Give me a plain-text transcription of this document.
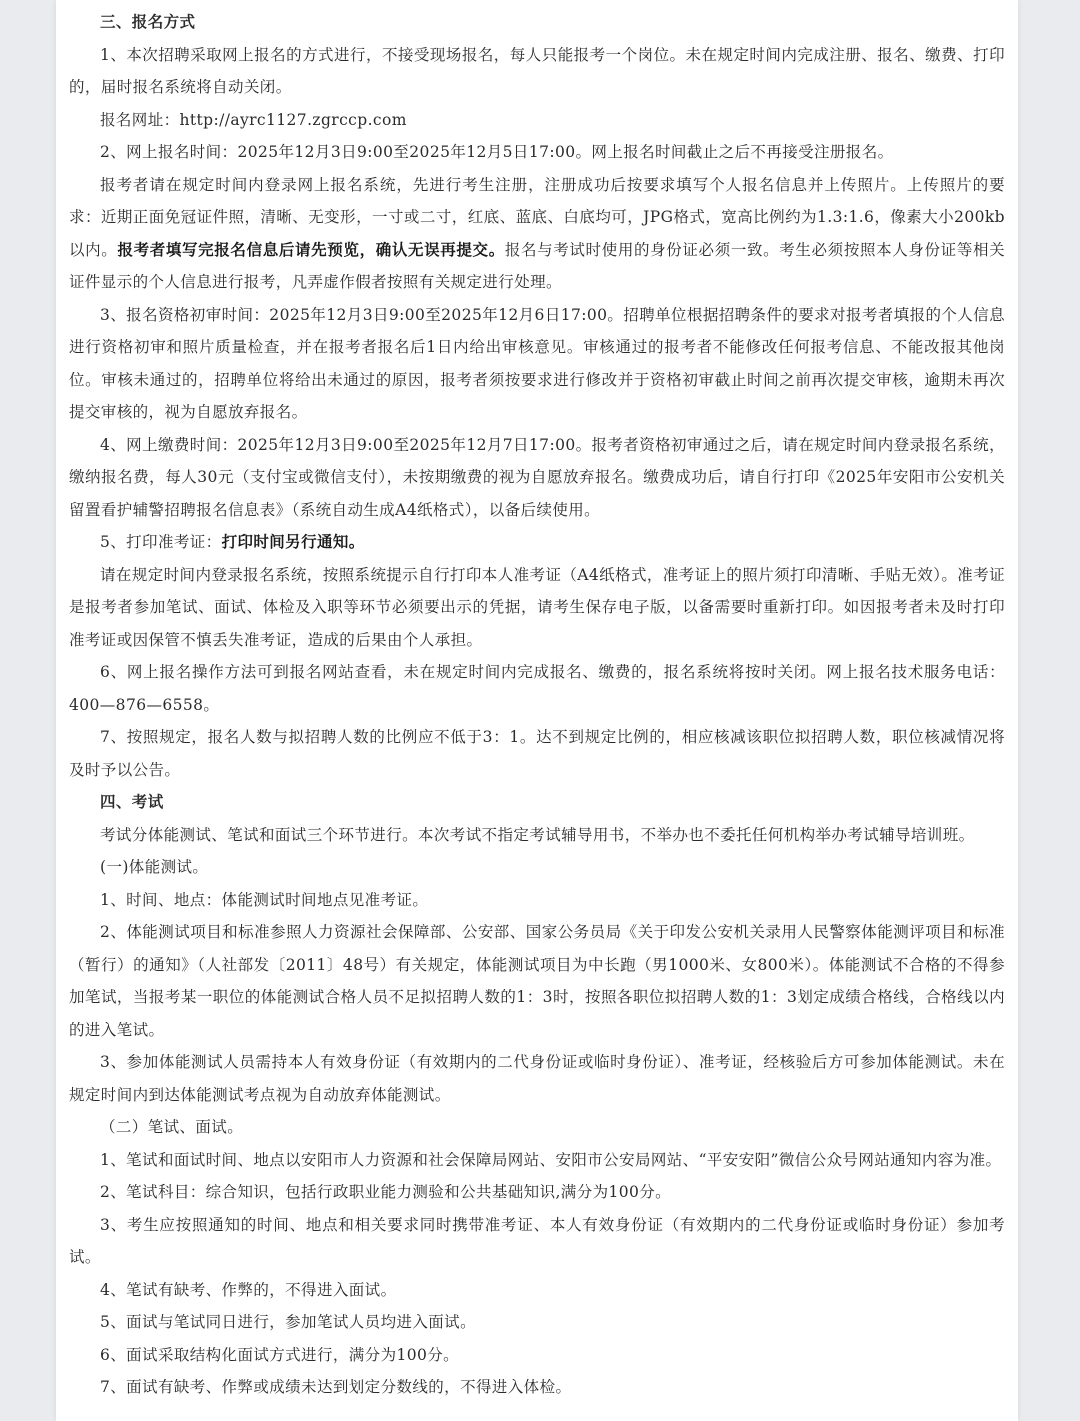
三、报名方式

1、本次招聘采取网上报名的方式进行，不接受现场报名，每人只能报考一个岗位。未在规定时间内完成注册、报名、缴费、打印的，届时报名系统将自动关闭。

报名网址：http://ayrc1127.zgrccp.com

2、网上报名时间：2025年12月3日9:00至2025年12月5日17:00。网上报名时间截止之后不再接受注册报名。

报考者请在规定时间内登录网上报名系统，先进行考生注册，注册成功后按要求填写个人报名信息并上传照片。上传照片的要求：近期正面免冠证件照，清晰、无变形，一寸或二寸，红底、蓝底、白底均可，JPG格式，宽高比例约为1.3:1.6，像素大小200kb以内。报考者填写完报名信息后请先预览，确认无误再提交。报名与考试时使用的身份证必须一致。考生必须按照本人身份证等相关证件显示的个人信息进行报考，凡弄虚作假者按照有关规定进行处理。

3、报名资格初审时间：2025年12月3日9:00至2025年12月6日17:00。招聘单位根据招聘条件的要求对报考者填报的个人信息进行资格初审和照片质量检查，并在报考者报名后1日内给出审核意见。审核通过的报考者不能修改任何报考信息、不能改报其他岗位。审核未通过的，招聘单位将给出未通过的原因，报考者须按要求进行修改并于资格初审截止时间之前再次提交审核，逾期未再次提交审核的，视为自愿放弃报名。

4、网上缴费时间：2025年12月3日9:00至2025年12月7日17:00。报考者资格初审通过之后，请在规定时间内登录报名系统，缴纳报名费，每人30元（支付宝或微信支付），未按期缴费的视为自愿放弃报名。缴费成功后，请自行打印《2025年安阳市公安机关留置看护辅警招聘报名信息表》（系统自动生成A4纸格式），以备后续使用。

5、打印准考证：打印时间另行通知。

请在规定时间内登录报名系统，按照系统提示自行打印本人准考证（A4纸格式，准考证上的照片须打印清晰、手贴无效）。准考证是报考者参加笔试、面试、体检及入职等环节必须要出示的凭据，请考生保存电子版，以备需要时重新打印。如因报考者未及时打印准考证或因保管不慎丢失准考证，造成的后果由个人承担。

6、网上报名操作方法可到报名网站查看，未在规定时间内完成报名、缴费的，报名系统将按时关闭。网上报名技术服务电话：400—876—6558。

7、按照规定，报名人数与拟招聘人数的比例应不低于3：1。达不到规定比例的，相应核减该职位拟招聘人数，职位核减情况将及时予以公告。

四、考试

考试分体能测试、笔试和面试三个环节进行。本次考试不指定考试辅导用书，不举办也不委托任何机构举办考试辅导培训班。

(一)体能测试。

1、时间、地点：体能测试时间地点见准考证。

2、体能测试项目和标准参照人力资源社会保障部、公安部、国家公务员局《关于印发公安机关录用人民警察体能测评项目和标准（暂行）的通知》（人社部发〔2011〕48号）有关规定，体能测试项目为中长跑（男1000米、女800米）。体能测试不合格的不得参加笔试，当报考某一职位的体能测试合格人员不足拟招聘人数的1：3时，按照各职位拟招聘人数的1：3划定成绩合格线，合格线以内的进入笔试。

3、参加体能测试人员需持本人有效身份证（有效期内的二代身份证或临时身份证）、准考证，经核验后方可参加体能测试。未在规定时间内到达体能测试考点视为自动放弃体能测试。

（二）笔试、面试。

1、笔试和面试时间、地点以安阳市人力资源和社会保障局网站、安阳市公安局网站、“平安安阳”微信公众号网站通知内容为准。

2、笔试科目：综合知识，包括行政职业能力测验和公共基础知识,满分为100分。

3、考生应按照通知的时间、地点和相关要求同时携带准考证、本人有效身份证（有效期内的二代身份证或临时身份证）参加考试。

4、笔试有缺考、作弊的，不得进入面试。

5、面试与笔试同日进行，参加笔试人员均进入面试。

6、面试采取结构化面试方式进行，满分为100分。

7、面试有缺考、作弊或成绩未达到划定分数线的，不得进入体检。
